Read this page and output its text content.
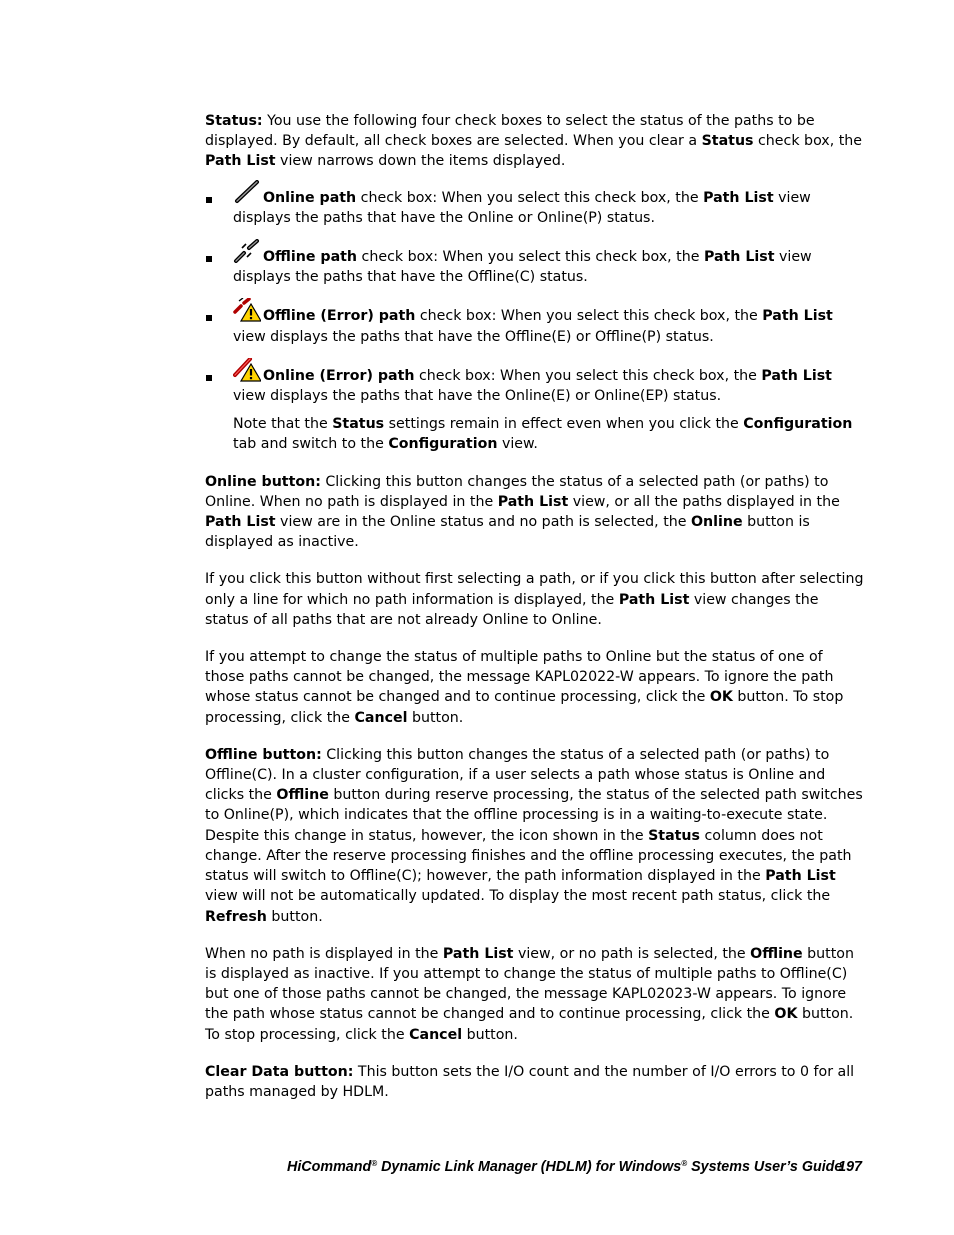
Status: You use the following four check boxes to select the status of the paths to be displayed. By default, all check boxes are selected. When you clear a Status check box, the Path List view narrows down the items displayed.

Online path check box: When you select this check box, the Path List view displays the paths that have the Online or Online(P) status.
Offline path check box: When you select this check box, the Path List view displays the paths that have the Offline(C) status.
Offline (Error) path check box: When you select this check box, the Path List view displays the paths that have the Offline(E) or Offline(P) status.
Online (Error) path check box: When you select this check box, the Path List view displays the paths that have the Online(E) or Online(EP) status.

Note that the Status settings remain in effect even when you click the Configuration tab and switch to the Configuration view.

Online button: Clicking this button changes the status of a selected path (or paths) to Online. When no path is displayed in the Path List view, or all the paths displayed in the Path List view are in the Online status and no path is selected, the Online button is displayed as inactive.

If you click this button without first selecting a path, or if you click this button after selecting only a line for which no path information is displayed, the Path List view changes the status of all paths that are not already Online to Online.

If you attempt to change the status of multiple paths to Online but the status of one of those paths cannot be changed, the message KAPL02022-W appears. To ignore the path whose status cannot be changed and to continue processing, click the OK button. To stop processing, click the Cancel button.

Offline button: Clicking this button changes the status of a selected path (or paths) to Offline(C). In a cluster configuration, if a user selects a path whose status is Online and clicks the Offline button during reserve processing, the status of the selected path switches to Online(P), which indicates that the offline processing is in a waiting-to-execute state. Despite this change in status, however, the icon shown in the Status column does not change. After the reserve processing finishes and the offline processing executes, the path status will switch to Offline(C); however, the path information displayed in the Path List view will not be automatically updated. To display the most recent path status, click the Refresh button.

When no path is displayed in the Path List view, or no path is selected, the Offline button is displayed as inactive. If you attempt to change the status of multiple paths to Offline(C) but one of those paths cannot be changed, the message KAPL02023-W appears. To ignore the path whose status cannot be changed and to continue processing, click the OK button. To stop processing, click the Cancel button.

Clear Data button: This button sets the I/O count and the number of I/O errors to 0 for all paths managed by HDLM.

HiCommand® Dynamic Link Manager (HDLM) for Windows® Systems User’s Guide
197
